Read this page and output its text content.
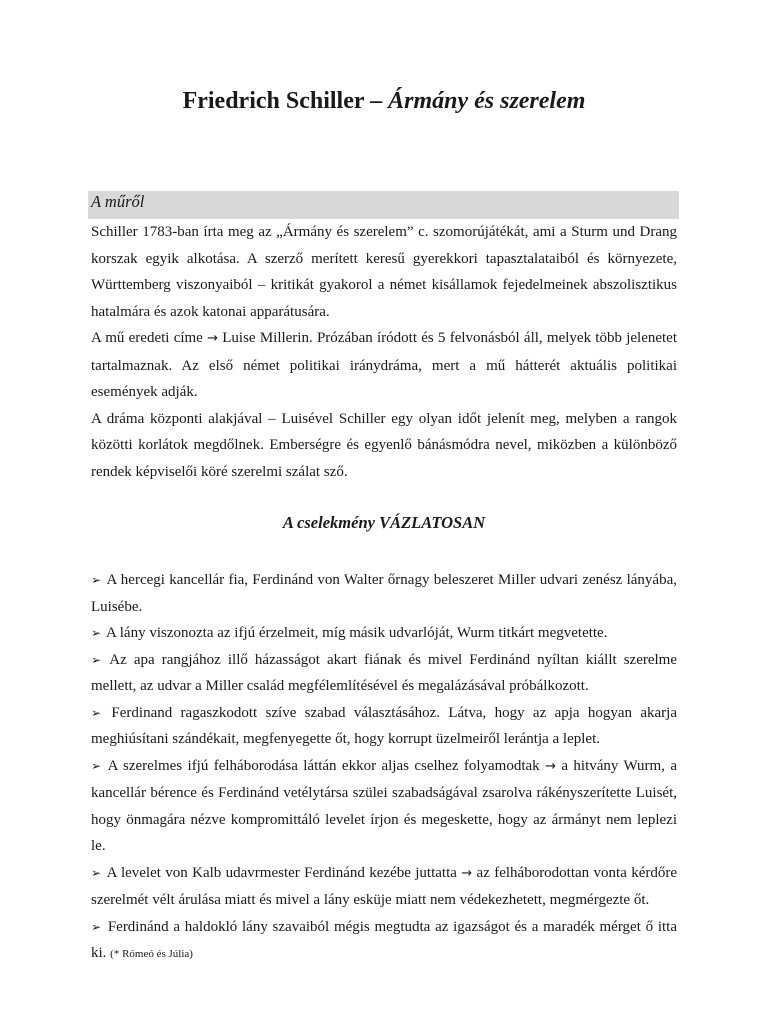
Friedrich Schiller – Ármány és szerelem
A műről

Schiller 1783-ban írta meg az „Ármány és szerelem” c. szomorújátékát, ami a Sturm und Drang korszak egyik alkotása. A szerző merített keresű gyerekkori tapasztalataiból és környezete, Württemberg viszonyaiból – kritikát gyakorol a német kisállamok fejedelmeinek abszolisztikus hatalmára és azok katonai apparátusára.

A mű eredeti címe → Luise Millerin. Prózában íródott és 5 felvonásból áll, melyek több jelenetet tartalmaznak. Az első német politikai iránydráma, mert a mű hátterét aktuális politikai események adják.

A dráma központi alakjával – Luisével Schiller egy olyan időt jelenít meg, melyben a rangok közötti korlátok megdőlnek. Emberségre és egyenlő bánásmódra nevel, miközben a különböző rendek képviselői köré szerelmi szálat sző.

A cselekmény VÁZLATOSAN

➢ A hercegi kancellár fia, Ferdinánd von Walter őrnagy beleszeret Miller udvari zenész lányába, Luisébe.

➢ A lány viszonozta az ifjú érzelmeit, míg másik udvarlóját, Wurm titkárt megvetette.

➢ Az apa rangjához illő házasságot akart fiának és mivel Ferdinánd nyíltan kiállt szerelme mellett, az udvar a Miller család megfélemlítésével és megalázásával próbálkozott.

➢ Ferdinand ragaszkodott szíve szabad választásához. Látva, hogy az apja hogyan akarja meghiúsítani szándékait, megfenyegette őt, hogy korrupt üzelmeiről lerántja a leplet.

➢ A szerelmes ifjú felháborodása láttán ekkor aljas cselhez folyamodtak → a hitvány Wurm, a kancellár bérence és Ferdinánd vetélytársa szülei szabadságával zsarolva rákényszerítette Luisét, hogy önmagára nézve kompromittáló levelet írjon és megeskette, hogy az ármányt nem leplezi le.

➢ A levelet von Kalb udavrmester Ferdinánd kezébe juttatta → az felháborodottan vonta kérdőre szerelmét vélt árulása miatt és mivel a lány esküje miatt nem védekezhetett, megmérgezte őt.

➢ Ferdinánd a haldokló lány szavaiból mégis megtudta az igazságot és a maradék mérget ő itta ki. (* Rómeó és Júlia)
